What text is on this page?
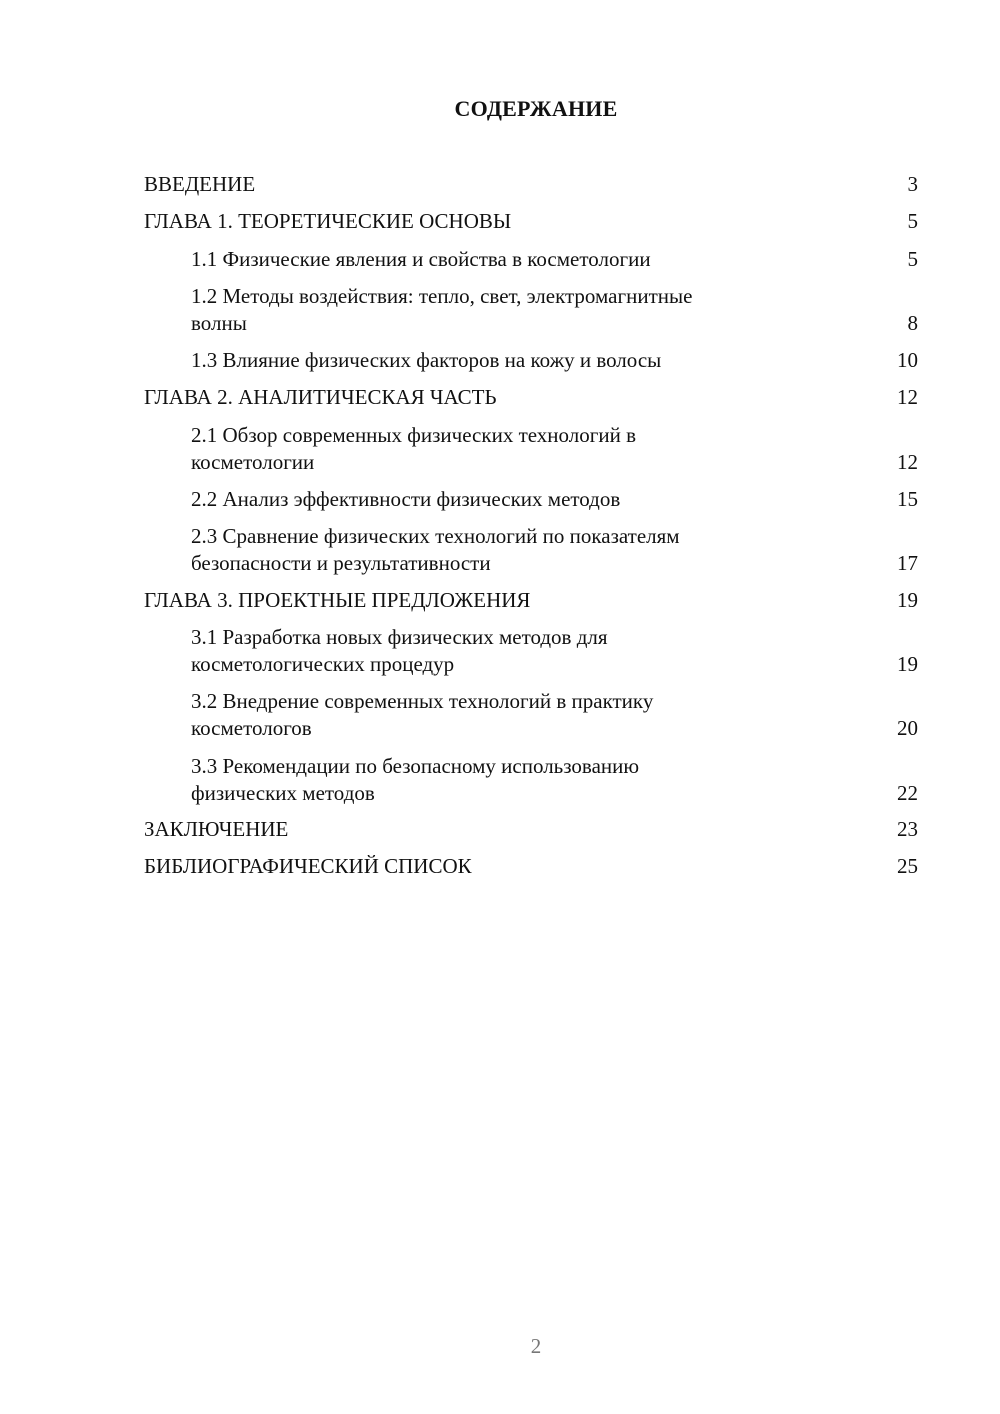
СОДЕРЖАНИЕ
ВВЕДЕНИЕ	3
ГЛАВА 1. ТЕОРЕТИЧЕСКИЕ ОСНОВЫ	5
1.1 Физические явления и свойства в косметологии	5
1.2 Методы воздействия: тепло, свет, электромагнитные
волны	8
1.3 Влияние физических факторов на кожу и волосы	10
ГЛАВА 2. АНАЛИТИЧЕСКАЯ ЧАСТЬ	12
2.1 Обзор современных физических технологий в
косметологии	12
2.2 Анализ эффективности физических методов	15
2.3 Сравнение физических технологий по показателям
безопасности и результативности	17
ГЛАВА 3. ПРОЕКТНЫЕ ПРЕДЛОЖЕНИЯ	19
3.1 Разработка новых физических методов для
косметологических процедур	19
3.2 Внедрение современных технологий в практику
косметологов	20
3.3 Рекомендации по безопасному использованию
физических методов	22
ЗАКЛЮЧЕНИЕ	23
БИБЛИОГРАФИЧЕСКИЙ СПИСОК	25
2
